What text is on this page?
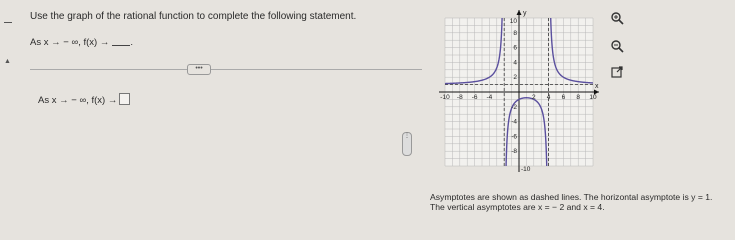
▲
Use the graph of the rational function to complete the following statement.
As x → − ∞, f(x) → .
•••
As x → − ∞, f(x) →
⋮
y
x
10
-10
-10 -8 -6 -4	2 4 6 8 10
8
6
4
2
-2
-4
-6
-8
Asymptotes are shown as dashed lines. The horizontal asymptote is y = 1.
The vertical asymptotes are x = − 2 and x = 4.
